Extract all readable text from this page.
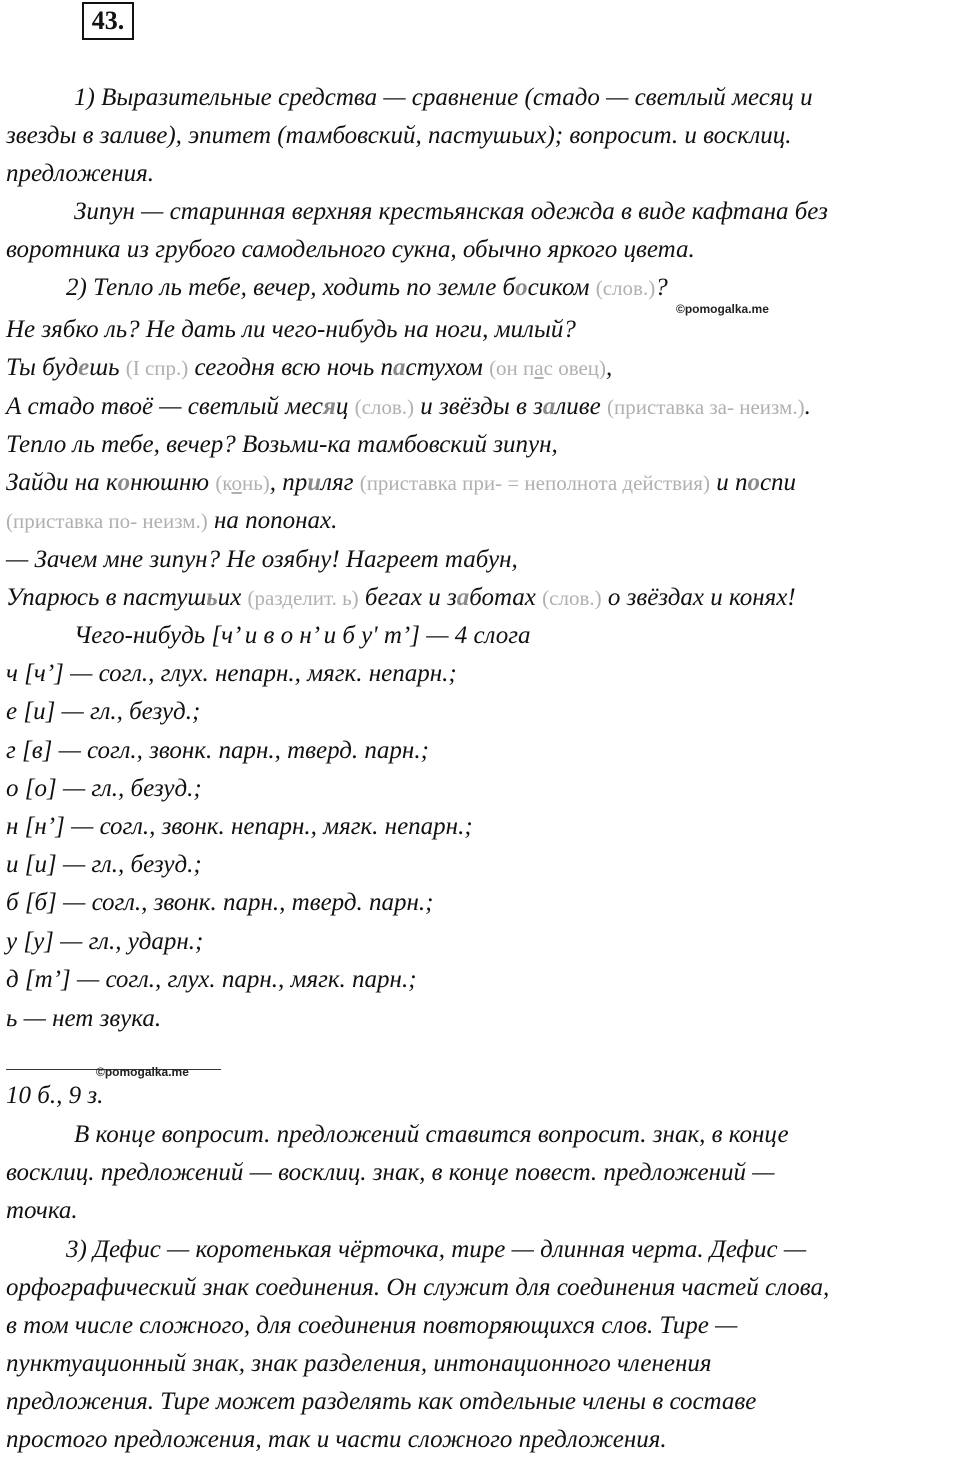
43.
1) Выразительные средства — сравнение (стадо — светлый месяц и
звезды в заливе), эпитет (тамбовский, пастушьих); вопросит. и восклиц.
предложения.
Зипун — старинная верхняя крестьянская одежда в виде кафтана без
воротника из грубого самодельного сукна, обычно яркого цвета.
2) Тепло ль тебе, вечер, ходить по земле босиком (слов.)?
©pomogalka.me
Не зябко ль? Не дать ли чего-нибудь на ноги, милый?
Ты будешь (I спр.) сегодня всю ночь пастухом (он пас овец),
А стадо твоё — светлый месяц (слов.) и звёзды в заливе (приставка за- неизм.).
Тепло ль тебе, вечер? Возьми-ка тамбовский зипун,
Зайди на конюшню (конь), приляг (приставка при- = неполнота действия) и поспи
(приставка по- неизм.) на попонах.
— Зачем мне зипун? Не озябну! Нагреет табун,
Упарюсь в пастушьих (разделит. ь) бегах и заботах (слов.) о звёздах и конях!
Чего-нибудь [ч’ и в о н’ и б у' т’] — 4 слога
ч [ч’] — согл., глух. непарн., мягк. непарн.;
е [и] — гл., безуд.;
г [в] — согл., звонк. парн., тверд. парн.;
о [о] — гл., безуд.;
н [н’] — согл., звонк. непарн., мягк. непарн.;
и [и] — гл., безуд.;
б [б] — согл., звонк. парн., тверд. парн.;
у [у] — гл., ударн.;
д [т’] — согл., глух. парн., мягк. парн.;
ь — нет звука.
©pomogalka.me
10 б., 9 з.
В конце вопросит. предложений ставится вопросит. знак, в конце
восклиц. предложений — восклиц. знак, в конце повест. предложений —
точка.
3) Дефис — коротенькая чёрточка, тире — длинная черта. Дефис —
орфографический знак соединения. Он служит для соединения частей слова,
в том числе сложного, для соединения повторяющихся слов. Тире —
пунктуационный знак, знак разделения, интонационного членения
предложения. Тире может разделять как отдельные члены в составе
простого предложения, так и части сложного предложения.
